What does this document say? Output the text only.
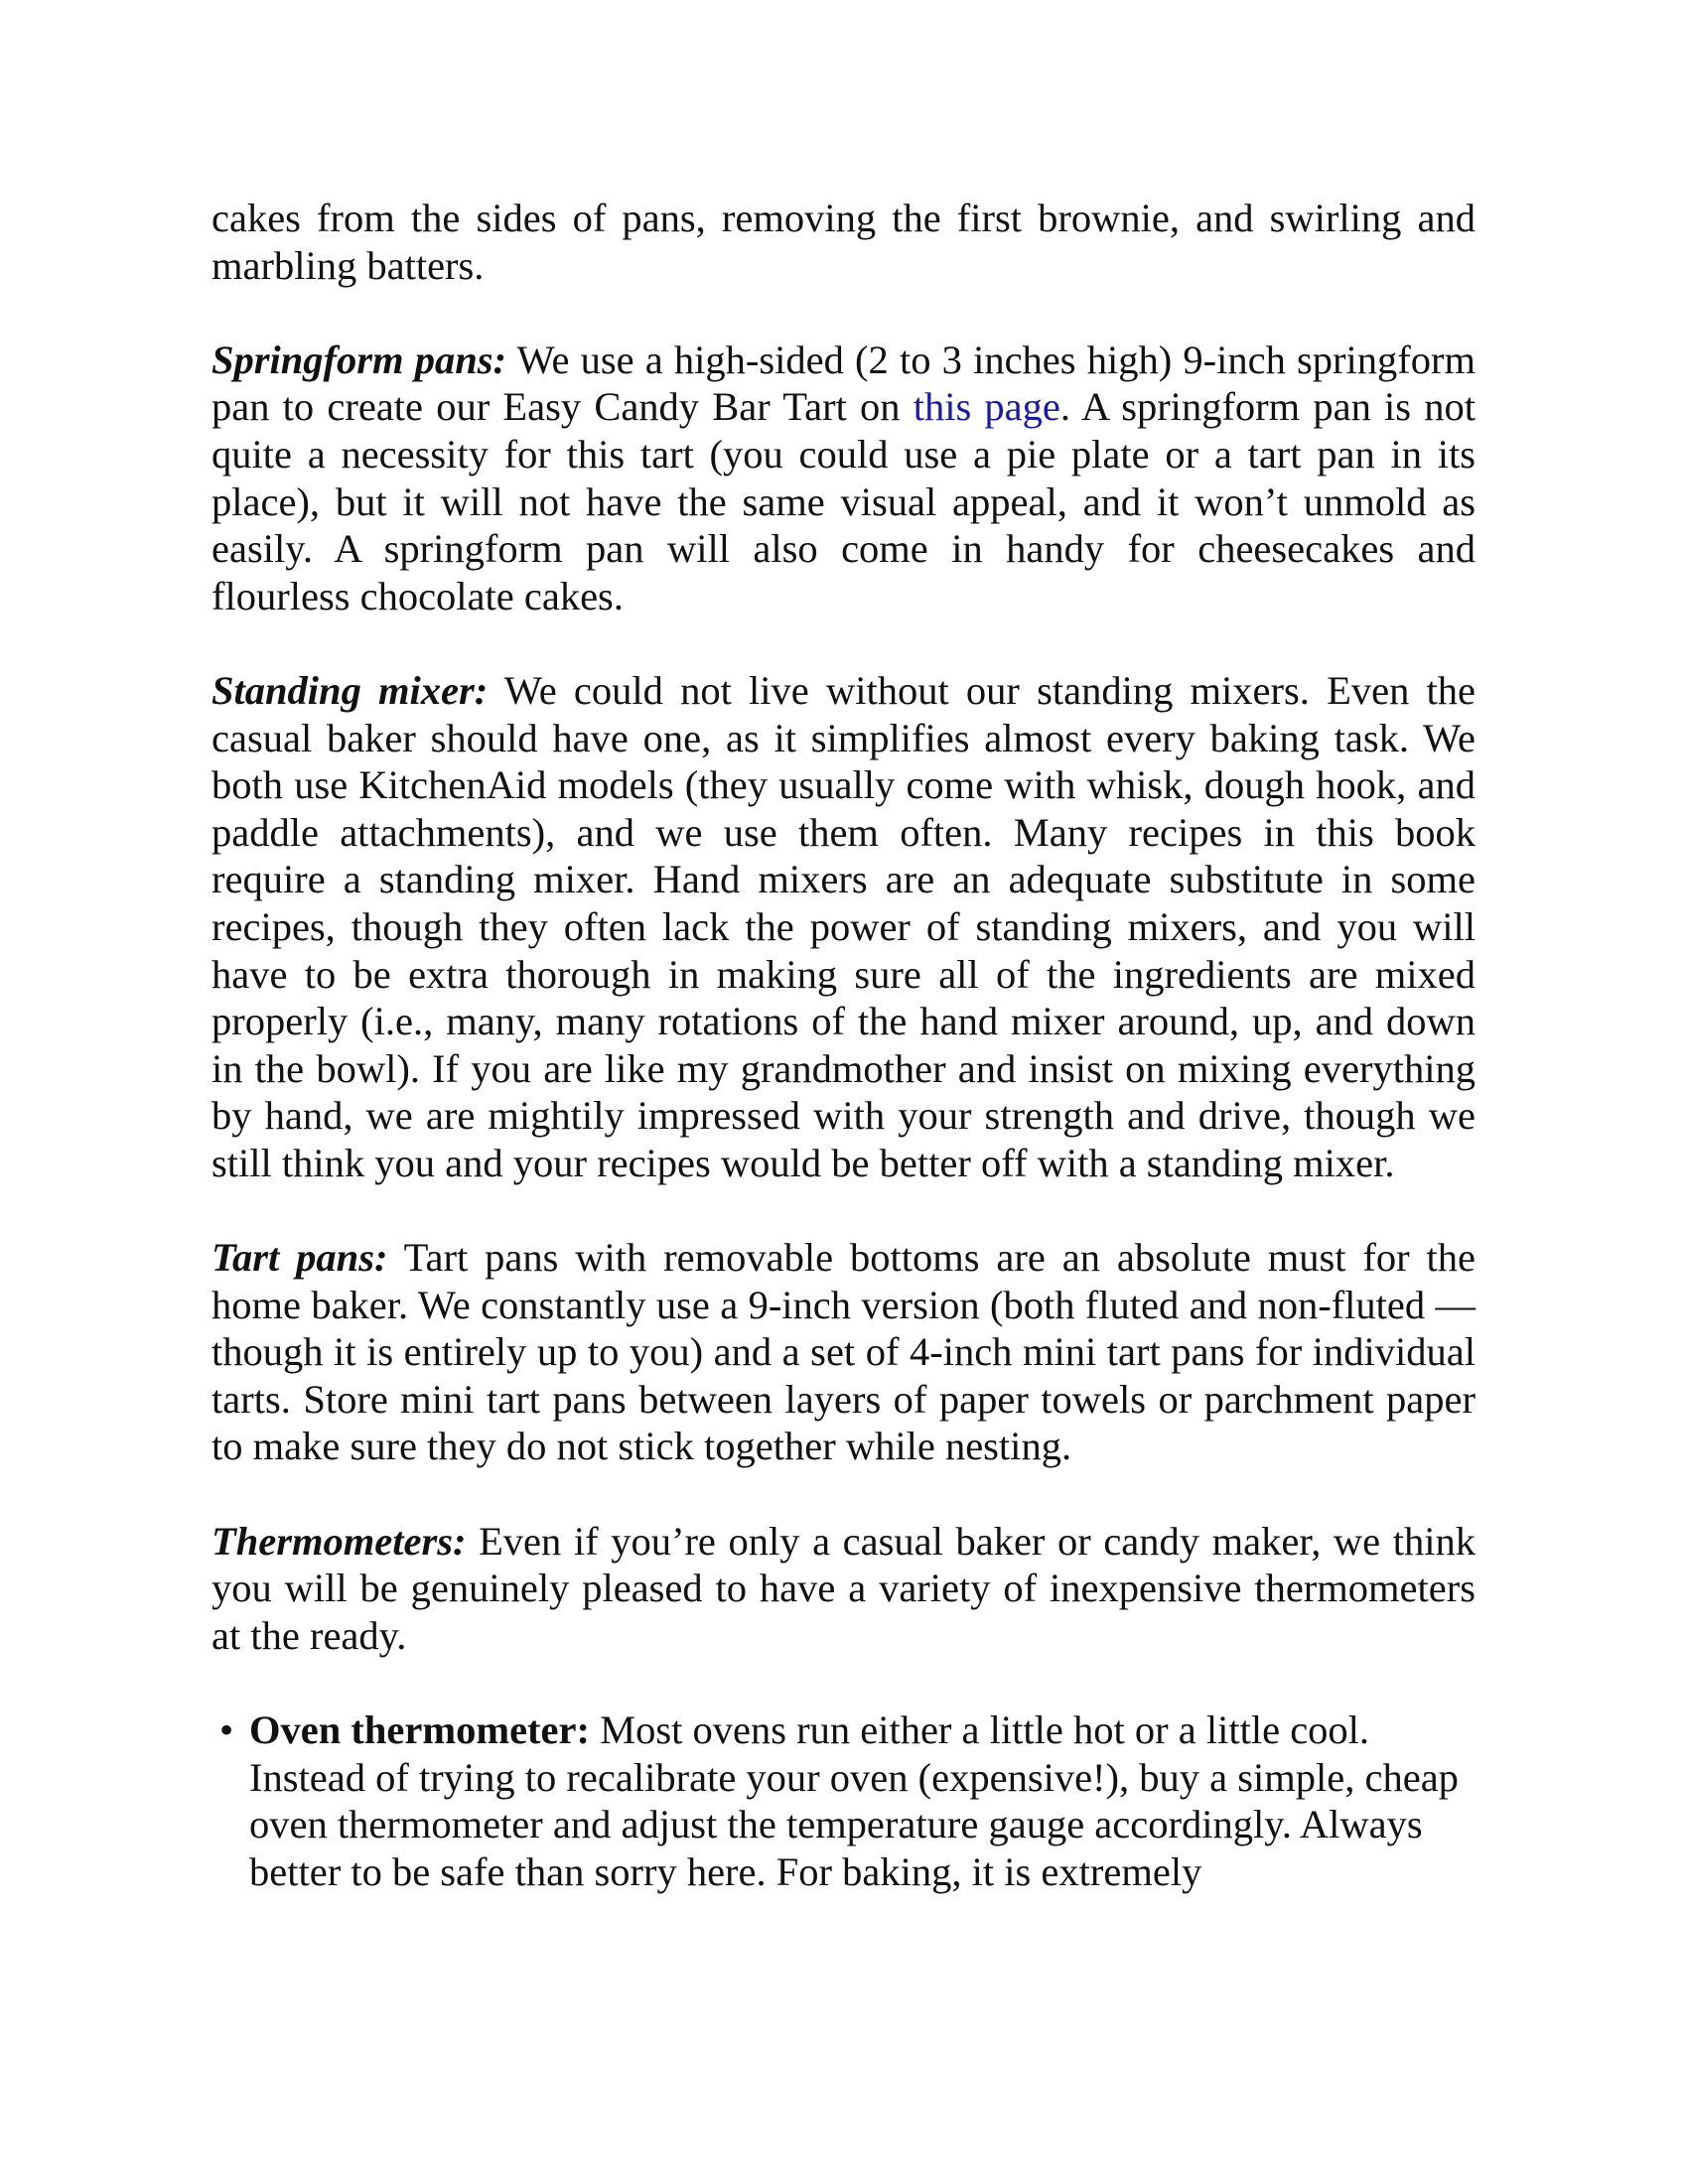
cakes from the sides of pans, removing the first brownie, and swirling and marbling batters.

Springform pans: We use a high-sided (2 to 3 inches high) 9-inch springform pan to create our Easy Candy Bar Tart on this page. A springform pan is not quite a necessity for this tart (you could use a pie plate or a tart pan in its place), but it will not have the same visual appeal, and it won’t unmold as easily. A springform pan will also come in handy for cheesecakes and flourless chocolate cakes.

Standing mixer: We could not live without our standing mixers. Even the casual baker should have one, as it simplifies almost every baking task. We both use KitchenAid models (they usually come with whisk, dough hook, and paddle attachments), and we use them often. Many recipes in this book require a standing mixer. Hand mixers are an adequate substitute in some recipes, though they often lack the power of standing mixers, and you will have to be extra thorough in making sure all of the ingredients are mixed properly (i.e., many, many rotations of the hand mixer around, up, and down in the bowl). If you are like my grandmother and insist on mixing everything by hand, we are mightily impressed with your strength and drive, though we still think you and your recipes would be better off with a standing mixer.

Tart pans: Tart pans with removable bottoms are an absolute must for the home baker. We constantly use a 9-inch version (both fluted and non-fluted —though it is entirely up to you) and a set of 4-inch mini tart pans for individual tarts. Store mini tart pans between layers of paper towels or parchment paper to make sure they do not stick together while nesting.

Thermometers: Even if you’re only a casual baker or candy maker, we think you will be genuinely pleased to have a variety of inexpensive thermometers at the ready.

• Oven thermometer: Most ovens run either a little hot or a little cool. Instead of trying to recalibrate your oven (expensive!), buy a simple, cheap oven thermometer and adjust the temperature gauge accordingly. Always better to be safe than sorry here. For baking, it is extremely
